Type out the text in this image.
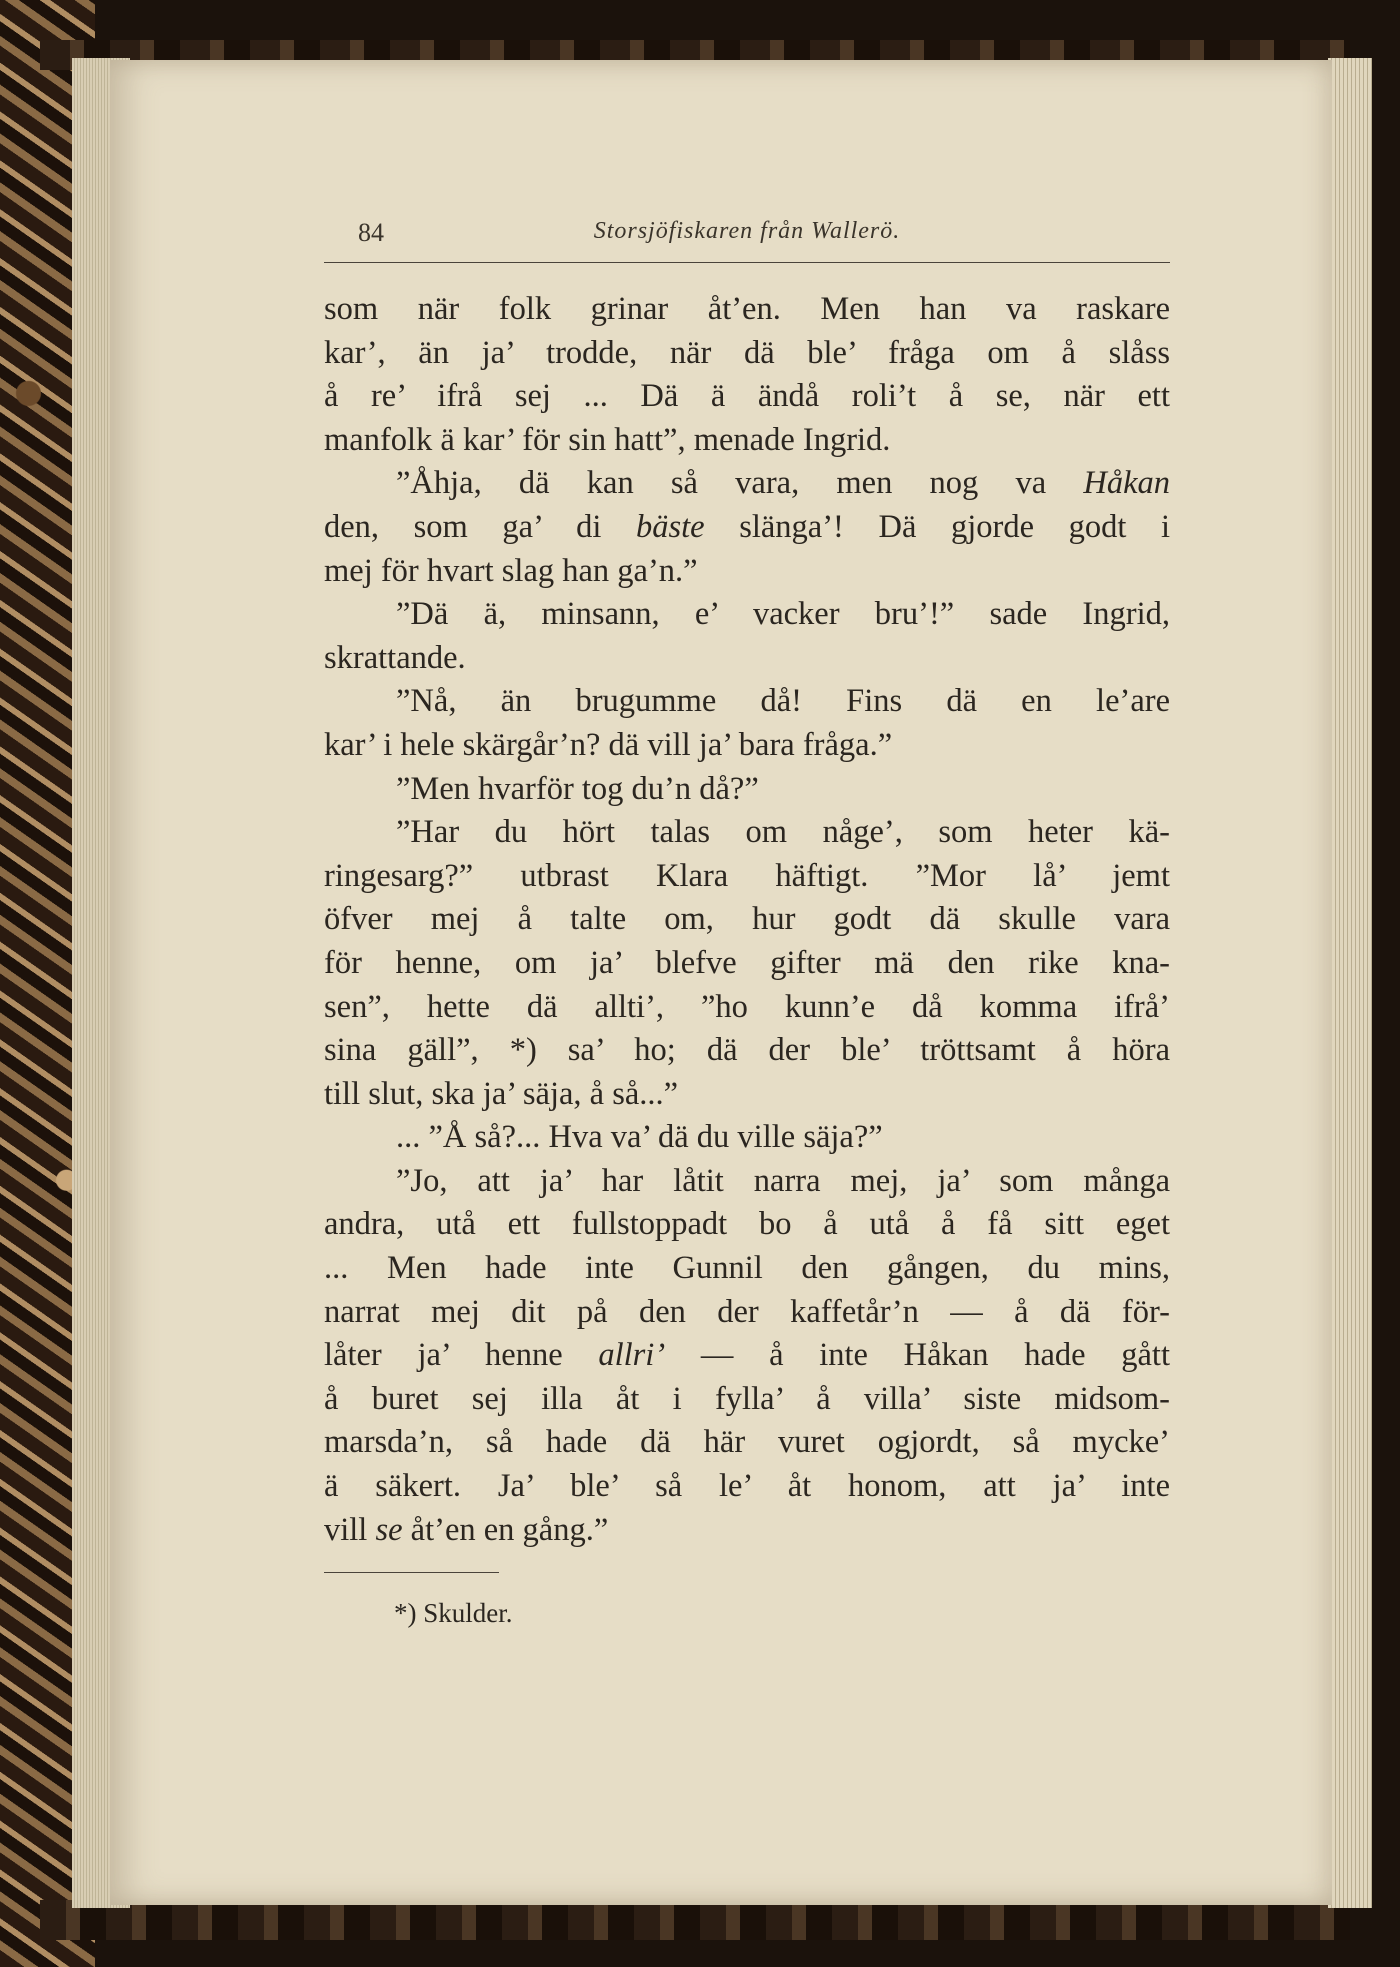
84	Storsjöfiskaren från Wallerö.
som när folk grinar åt’en. Men han va raskare
kar’, än ja’ trodde, när dä ble’ fråga om å slåss
å re’ ifrå sej ... Dä ä ändå roli’t å se, när ett
manfolk ä kar’ för sin hatt”, menade Ingrid.
”Åhja, dä kan så vara, men nog va Håkan
den, som ga’ di bäste slänga’! Dä gjorde godt i
mej för hvart slag han ga’n.”
”Dä ä, minsann, e’ vacker bru’!” sade Ingrid,
skrattande.
”Nå, än brugumme då! Fins dä en le’are
kar’ i hele skärgår’n? dä vill ja’ bara fråga.”
”Men hvarför tog du’n då?”
”Har du hört talas om någe’, som heter kä-
ringesarg?” utbrast Klara häftigt. ”Mor lå’ jemt
öfver mej å talte om, hur godt dä skulle vara
för henne, om ja’ blefve gifter mä den rike kna-
sen”, hette dä allti’, ”ho kunn’e då komma ifrå’
sina gäll”, *) sa’ ho; dä der ble’ tröttsamt å höra
till slut, ska ja’ säja, å så...”
... ”Å så?... Hva va’ dä du ville säja?”
”Jo, att ja’ har låtit narra mej, ja’ som många
andra, utå ett fullstoppadt bo å utå å få sitt eget
... Men hade inte Gunnil den gången, du mins,
narrat mej dit på den der kaffetår’n — å dä för-
låter ja’ henne allri’ — å inte Håkan hade gått
å buret sej illa åt i fylla’ å villa’ siste midsom-
marsda’n, så hade dä här vuret ogjordt, så mycke’
ä säkert. Ja’ ble’ så le’ åt honom, att ja’ inte
vill se åt’en en gång.”
*) Skulder.
